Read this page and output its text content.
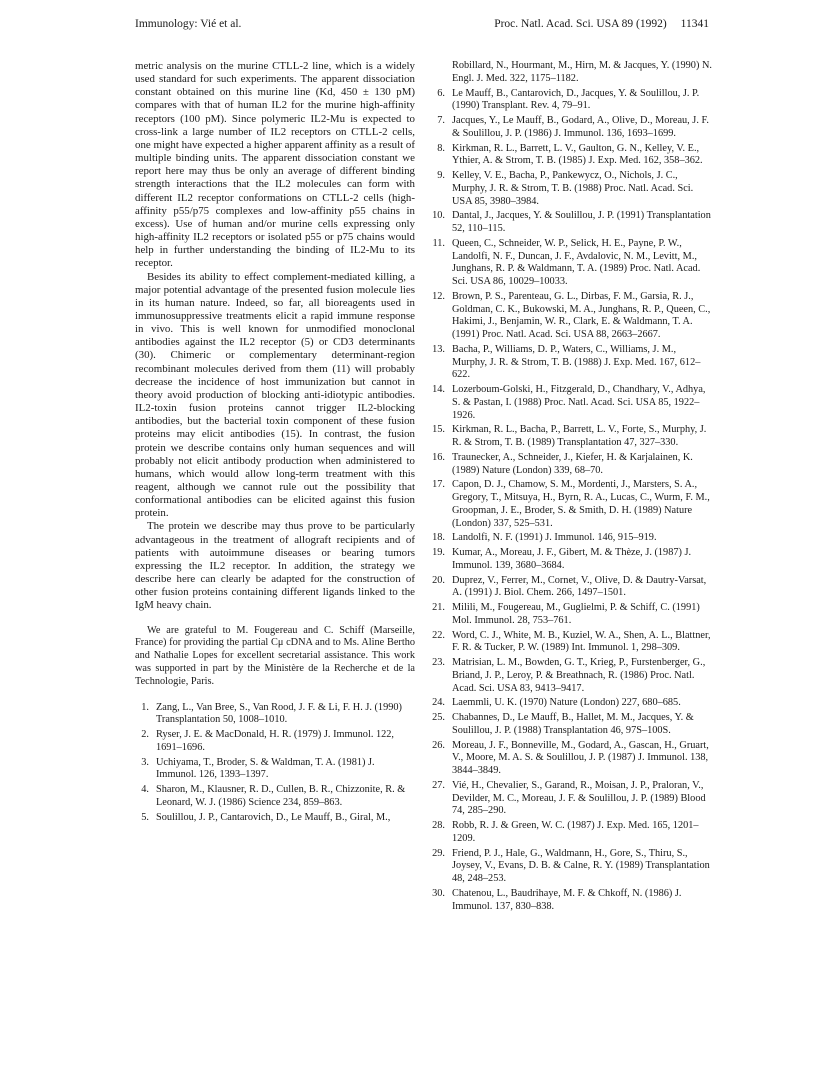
Immunology: Vié et al.	Proc. Natl. Acad. Sci. USA 89 (1992) 11341

metric analysis on the murine CTLL-2 line, which is a widely used standard for such experiments. The apparent dissociation constant obtained on this murine line (Kd, 450 ± 130 pM) compares with that of human IL2 for the murine high-affinity receptors (100 pM). Since polymeric IL2-Mu is expected to cross-link a large number of IL2 receptors on CTLL-2 cells, one might have expected a higher apparent affinity as a result of multiple binding units. The apparent dissociation constant we report here may thus be only an average of different binding strength interactions that the IL2 molecules can form with different IL2 receptor conformations on CTLL-2 cells (high-affinity p55/p75 complexes and low-affinity p55 chains in excess). Use of human and/or murine cells expressing only high-affinity IL2 receptors or isolated p55 or p75 chains would help in further understanding the binding of IL2-Mu to its receptor.

Besides its ability to effect complement-mediated killing, a major potential advantage of the presented fusion molecule lies in its human nature. Indeed, so far, all bioreagents used in immunosuppressive treatments elicit a rapid immune response in vivo. This is well known for unmodified monoclonal antibodies against the IL2 receptor (5) or CD3 determinants (30). Chimeric or complementary determinant-region recombinant molecules derived from them (11) will probably decrease the incidence of host immunization but cannot in theory avoid production of blocking anti-idiotypic antibodies. IL2-toxin fusion proteins cannot trigger IL2-blocking antibodies, but the bacterial toxin component of these fusion proteins may elicit antibodies (15). In contrast, the fusion protein we describe contains only human sequences and will probably not elicit antibody production when administered to humans, which would allow long-term treatment with this reagent, although we cannot rule out the possibility that conformational antibodies can be elicited against this fusion protein.

The protein we describe may thus prove to be particularly advantageous in the treatment of allograft recipients and of patients with autoimmune diseases or bearing tumors expressing the IL2 receptor. In addition, the strategy we describe here can clearly be adapted for the construction of other fusion proteins containing different ligands linked to the IgM heavy chain.

We are grateful to M. Fougereau and C. Schiff (Marseille, France) for providing the partial Cμ cDNA and to Ms. Aline Bertho and Nathalie Lopes for excellent secretarial assistance. This work was supported in part by the Ministère de la Recherche et de la Technologie, Paris.
1. Zang, L., Van Bree, S., Van Rood, J. F. & Li, F. H. J. (1990) Transplantation 50, 1008–1010.
2. Ryser, J. E. & MacDonald, H. R. (1979) J. Immunol. 122, 1691–1696.
3. Uchiyama, T., Broder, S. & Waldman, T. A. (1981) J. Immunol. 126, 1393–1397.
4. Sharon, M., Klausner, R. D., Cullen, B. R., Chizzonite, R. & Leonard, W. J. (1986) Science 234, 859–863.
5. Soulillou, J. P., Cantarovich, D., Le Mauff, B., Giral, M.,
Robillard, N., Hourmant, M., Hirn, M. & Jacques, Y. (1990) N. Engl. J. Med. 322, 1175–1182.
6. Le Mauff, B., Cantarovich, D., Jacques, Y. & Soulillou, J. P. (1990) Transplant. Rev. 4, 79–91.
7. Jacques, Y., Le Mauff, B., Godard, A., Olive, D., Moreau, J. F. & Soulillou, J. P. (1986) J. Immunol. 136, 1693–1699.
8. Kirkman, R. L., Barrett, L. V., Gaulton, G. N., Kelley, V. E., Ythier, A. & Strom, T. B. (1985) J. Exp. Med. 162, 358–362.
9. Kelley, V. E., Bacha, P., Pankewycz, O., Nichols, J. C., Murphy, J. R. & Strom, T. B. (1988) Proc. Natl. Acad. Sci. USA 85, 3980–3984.
10. Dantal, J., Jacques, Y. & Soulillou, J. P. (1991) Transplantation 52, 110–115.
11. Queen, C., Schneider, W. P., Selick, H. E., Payne, P. W., Landolfi, N. F., Duncan, J. F., Avdalovic, N. M., Levitt, M., Junghans, R. P. & Waldmann, T. A. (1989) Proc. Natl. Acad. Sci. USA 86, 10029–10033.
12. Brown, P. S., Parenteau, G. L., Dirbas, F. M., Garsia, R. J., Goldman, C. K., Bukowski, M. A., Junghans, R. P., Queen, C., Hakimi, J., Benjamin, W. R., Clark, E. & Waldmann, T. A. (1991) Proc. Natl. Acad. Sci. USA 88, 2663–2667.
13. Bacha, P., Williams, D. P., Waters, C., Williams, J. M., Murphy, J. R. & Strom, T. B. (1988) J. Exp. Med. 167, 612–622.
14. Lozerboum-Golski, H., Fitzgerald, D., Chandhary, V., Adhya, S. & Pastan, I. (1988) Proc. Natl. Acad. Sci. USA 85, 1922–1926.
15. Kirkman, R. L., Bacha, P., Barrett, L. V., Forte, S., Murphy, J. R. & Strom, T. B. (1989) Transplantation 47, 327–330.
16. Traunecker, A., Schneider, J., Kiefer, H. & Karjalainen, K. (1989) Nature (London) 339, 68–70.
17. Capon, D. J., Chamow, S. M., Mordenti, J., Marsters, S. A., Gregory, T., Mitsuya, H., Byrn, R. A., Lucas, C., Wurm, F. M., Groopman, J. E., Broder, S. & Smith, D. H. (1989) Nature (London) 337, 525–531.
18. Landolfi, N. F. (1991) J. Immunol. 146, 915–919.
19. Kumar, A., Moreau, J. F., Gibert, M. & Thèze, J. (1987) J. Immunol. 139, 3680–3684.
20. Duprez, V., Ferrer, M., Cornet, V., Olive, D. & Dautry-Varsat, A. (1991) J. Biol. Chem. 266, 1497–1501.
21. Milili, M., Fougereau, M., Guglielmi, P. & Schiff, C. (1991) Mol. Immunol. 28, 753–761.
22. Word, C. J., White, M. B., Kuziel, W. A., Shen, A. L., Blattner, F. R. & Tucker, P. W. (1989) Int. Immunol. 1, 298–309.
23. Matrisian, L. M., Bowden, G. T., Krieg, P., Furstenberger, G., Briand, J. P., Leroy, P. & Breathnach, R. (1986) Proc. Natl. Acad. Sci. USA 83, 9413–9417.
24. Laemmli, U. K. (1970) Nature (London) 227, 680–685.
25. Chabannes, D., Le Mauff, B., Hallet, M. M., Jacques, Y. & Soulillou, J. P. (1988) Transplantation 46, 97S–100S.
26. Moreau, J. F., Bonneville, M., Godard, A., Gascan, H., Gruart, V., Moore, M. A. S. & Soulillou, J. P. (1987) J. Immunol. 138, 3844–3849.
27. Vié, H., Chevalier, S., Garand, R., Moisan, J. P., Praloran, V., Devilder, M. C., Moreau, J. F. & Soulillou, J. P. (1989) Blood 74, 285–290.
28. Robb, R. J. & Green, W. C. (1987) J. Exp. Med. 165, 1201–1209.
29. Friend, P. J., Hale, G., Waldmann, H., Gore, S., Thiru, S., Joysey, V., Evans, D. B. & Calne, R. Y. (1989) Transplantation 48, 248–253.
30. Chatenou, L., Baudrihaye, M. F. & Chkoff, N. (1986) J. Immunol. 137, 830–838.
